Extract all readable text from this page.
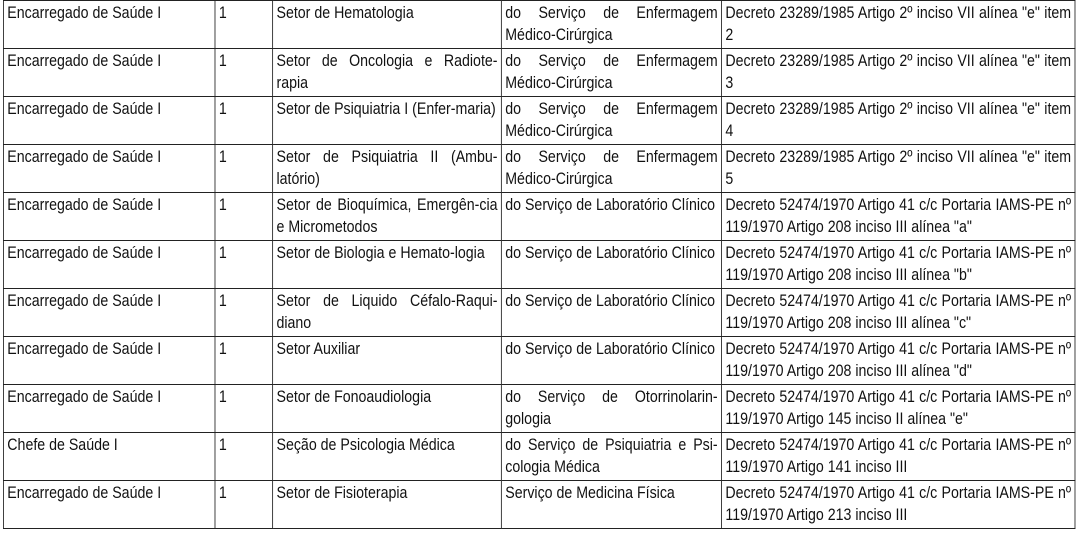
Encarregado de Saúde I	1	Setor de Hematologia	do Serviço de Enfermagem Médico-Cirúrgica	Decreto 23289/1985 Artigo 2º inciso VII alínea "e" item 2
Encarregado de Saúde I	1	Setor de Oncologia e Radiote-rapia	do Serviço de Enfermagem Médico-Cirúrgica	Decreto 23289/1985 Artigo 2º inciso VII alínea "e" item 3
Encarregado de Saúde I	1	Setor de Psiquiatria I (Enfer-maria)	do Serviço de Enfermagem Médico-Cirúrgica	Decreto 23289/1985 Artigo 2º inciso VII alínea "e" item 4
Encarregado de Saúde I	1	Setor de Psiquiatria II (Ambu-latório)	do Serviço de Enfermagem Médico-Cirúrgica	Decreto 23289/1985 Artigo 2º inciso VII alínea "e" item 5
Encarregado de Saúde I	1	Setor de Bioquímica, Emergên-cia e Micrometodos	do Serviço de Laboratório Clínico	Decreto 52474/1970 Artigo 41 c/c Portaria IAMS-PE nº 119/1970 Artigo 208 inciso III alínea "a"
Encarregado de Saúde I	1	Setor de Biologia e Hemato-logia	do Serviço de Laboratório Clínico	Decreto 52474/1970 Artigo 41 c/c Portaria IAMS-PE nº 119/1970 Artigo 208 inciso III alínea "b"
Encarregado de Saúde I	1	Setor de Liquido Céfalo-Raqui-diano	do Serviço de Laboratório Clínico	Decreto 52474/1970 Artigo 41 c/c Portaria IAMS-PE nº 119/1970 Artigo 208 inciso III alínea "c"
Encarregado de Saúde I	1	Setor Auxiliar	do Serviço de Laboratório Clínico	Decreto 52474/1970 Artigo 41 c/c Portaria IAMS-PE nº 119/1970 Artigo 208 inciso III alínea "d"
Encarregado de Saúde I	1	Setor de Fonoaudiologia	do Serviço de Otorrinolarin-gologia	Decreto 52474/1970 Artigo 41 c/c Portaria IAMS-PE nº 119/1970 Artigo 145 inciso II alínea "e"
Chefe de Saúde I	1	Seção de Psicologia Médica	do Serviço de Psiquiatria e Psi-cologia Médica	Decreto 52474/1970 Artigo 41 c/c Portaria IAMS-PE nº 119/1970 Artigo 141 inciso III
Encarregado de Saúde I	1	Setor de Fisioterapia	Serviço de Medicina Física	Decreto 52474/1970 Artigo 41 c/c Portaria IAMS-PE nº 119/1970 Artigo 213 inciso III
